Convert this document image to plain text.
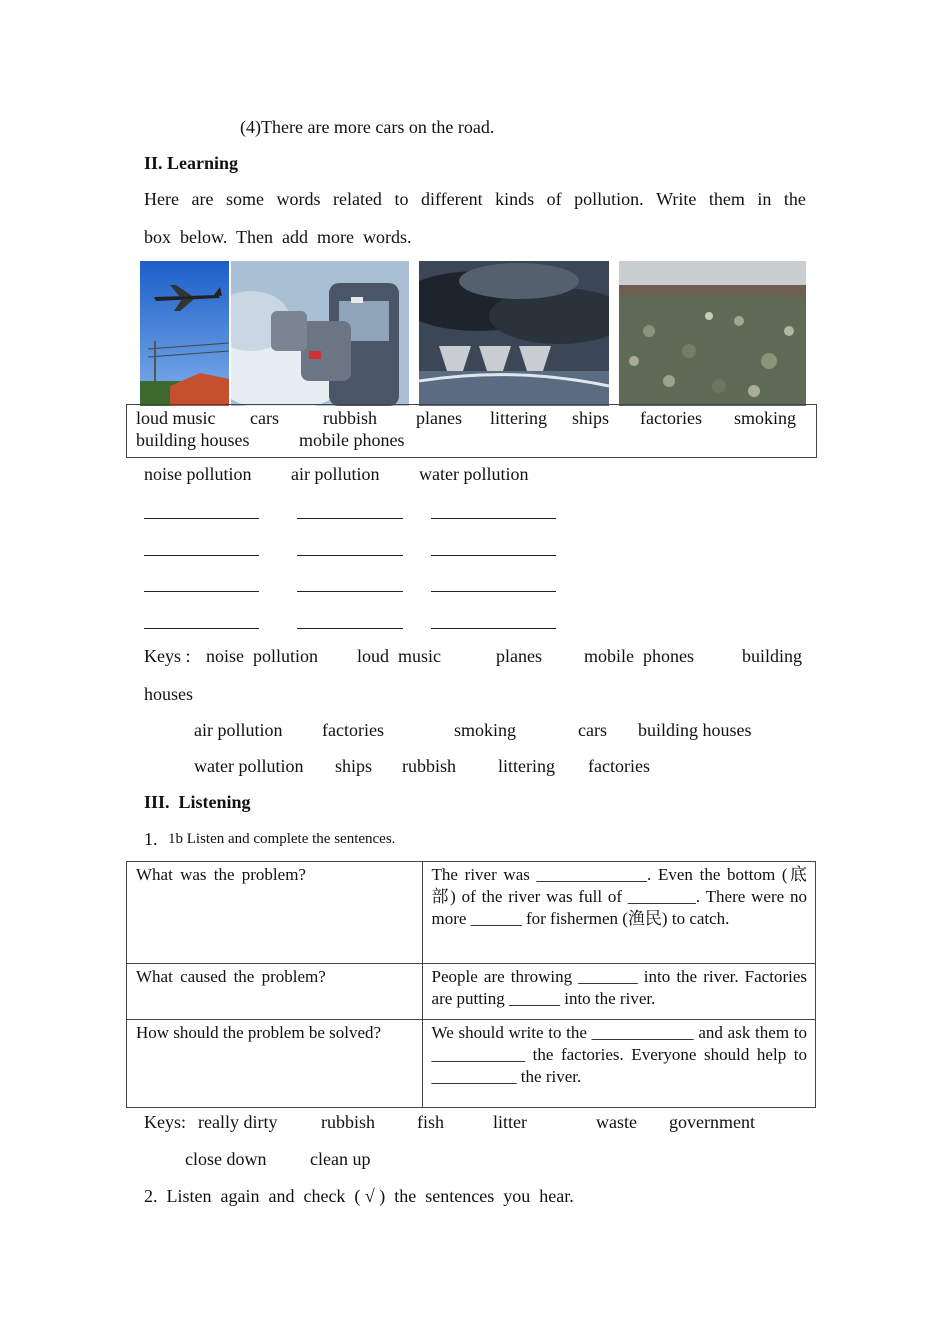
(4)There are more cars on the road.
II. Learning
Here are some words related to different kinds of pollution. Write them in the
box  below.  Then  add  more  words.
loud music cars rubbish planes littering ships factories smoking
building houses	mobile phones
noise pollution air pollution water pollution
Keys : noise  pollution loud  music	planes mobile  phones	building
houses
air pollution factories	smoking	cars building houses
water pollution ships rubbish littering factories
III.  Listening
1. 1b Listen and complete the sentences.
What was the problem?	The river was _____________. Even the bottom (底部) of the river was full of ________. There were no more ______ for fishermen (渔民) to catch.
What caused the problem?	People are throwing _______ into the river. Factories are putting ______ into the river.
How should the problem be solved?	We should write to the ____________ and ask them to ___________ the factories. Everyone should help to __________ the river.
Keys: really dirty rubbish fish	litter	waste government
close down clean up
2.  Listen  again  and  check  ( √ )  the  sentences  you  hear.
